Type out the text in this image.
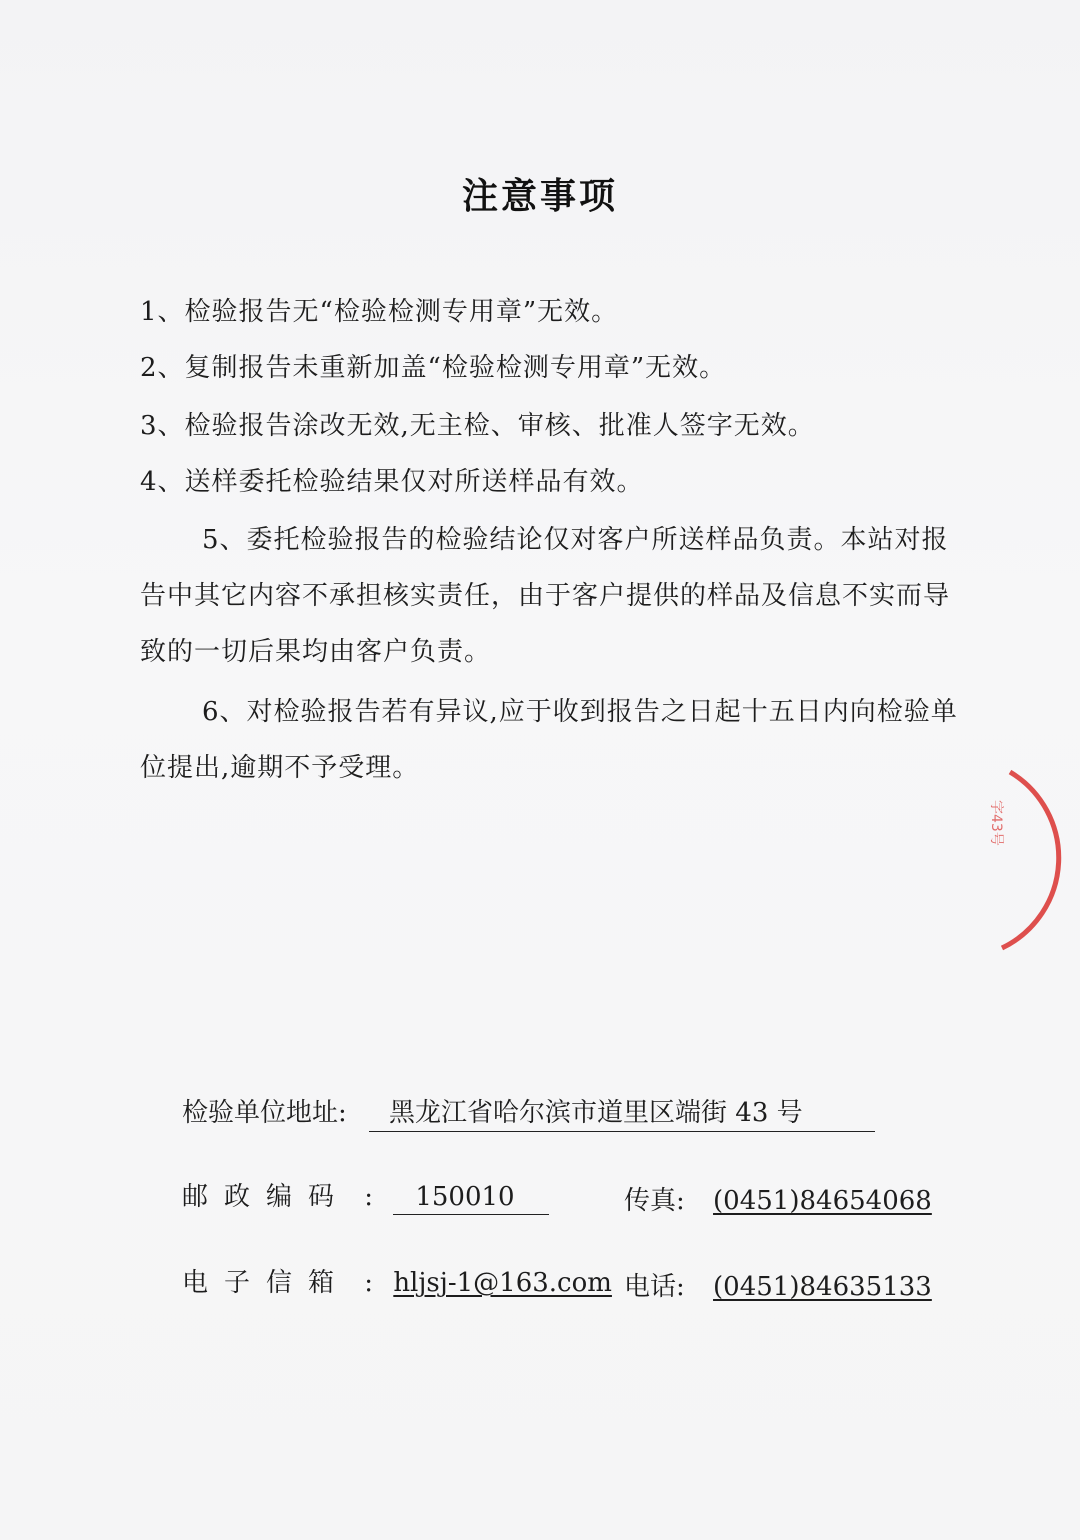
注意事项
1、检验报告无“检验检测专用章”无效。
2、复制报告未重新加盖“检验检测专用章”无效。
3、检验报告涂改无效,无主检、审核、批准人签字无效。
4、送样委托检验结果仅对所送样品有效。
5、委托检验报告的检验结论仅对客户所送样品负责。本站对报告中其它内容不承担核实责任，由于客户提供的样品及信息不实而导致的一切后果均由客户负责。
6、对检验报告若有异议,应于收到报告之日起十五日内向检验单位提出,逾期不予受理。
字43号
检验单位地址: 黑龙江省哈尔滨市道里区端街 43 号
邮政编码 : 150010	传真: (0451)84654068
电子信箱 : hljsj-1@163.com 电话: (0451)84635133
